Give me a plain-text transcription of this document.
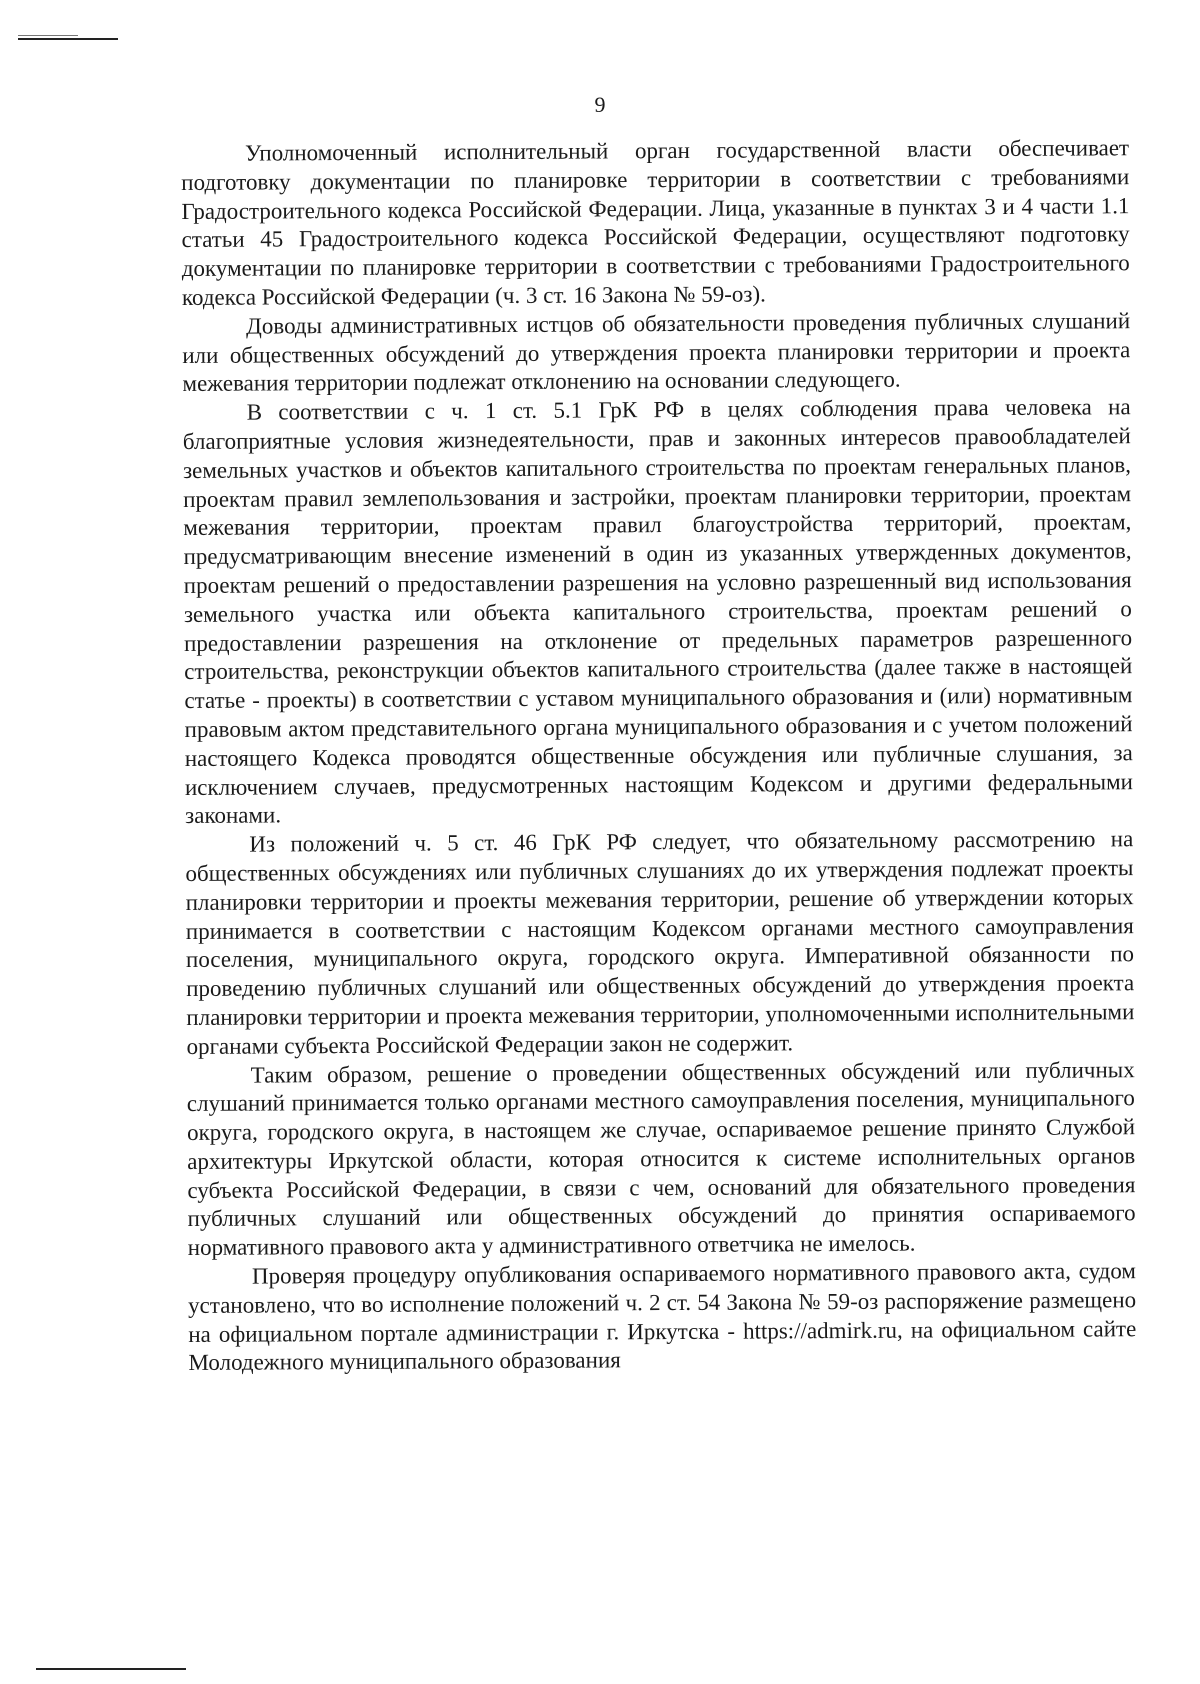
9

Уполномоченный исполнительный орган государственной власти обеспечивает подготовку документации по планировке территории в соответствии с требованиями Градостроительного кодекса Российской Федерации. Лица, указанные в пунктах 3 и 4 части 1.1 статьи 45 Градостроительного кодекса Российской Федерации, осуществляют подготовку документации по планировке территории в соответствии с требованиями Градостроительного кодекса Российской Федерации (ч. 3 ст. 16 Закона № 59-оз).

Доводы административных истцов об обязательности проведения публичных слушаний или общественных обсуждений до утверждения проекта планировки территории и проекта межевания территории подлежат отклонению на основании следующего.

В соответствии с ч. 1 ст. 5.1 ГрК РФ в целях соблюдения права человека на благоприятные условия жизнедеятельности, прав и законных интересов правообладателей земельных участков и объектов капитального строительства по проектам генеральных планов, проектам правил землепользования и застройки, проектам планировки территории, проектам межевания территории, проектам правил благоустройства территорий, проектам, предусматривающим внесение изменений в один из указанных утвержденных документов, проектам решений о предоставлении разрешения на условно разрешенный вид использования земельного участка или объекта капитального строительства, проектам решений о предоставлении разрешения на отклонение от предельных параметров разрешенного строительства, реконструкции объектов капитального строительства (далее также в настоящей статье - проекты) в соответствии с уставом муниципального образования и (или) нормативным правовым актом представительного органа муниципального образования и с учетом положений настоящего Кодекса проводятся общественные обсуждения или публичные слушания, за исключением случаев, предусмотренных настоящим Кодексом и другими федеральными законами.

Из положений ч. 5 ст. 46 ГрК РФ следует, что обязательному рассмотрению на общественных обсуждениях или публичных слушаниях до их утверждения подлежат проекты планировки территории и проекты межевания территории, решение об утверждении которых принимается в соответствии с настоящим Кодексом органами местного самоуправления поселения, муниципального округа, городского округа. Императивной обязанности по проведению публичных слушаний или общественных обсуждений до утверждения проекта планировки территории и проекта межевания территории, уполномоченными исполнительными органами субъекта Российской Федерации закон не содержит.

Таким образом, решение о проведении общественных обсуждений или публичных слушаний принимается только органами местного самоуправления поселения, муниципального округа, городского округа, в настоящем же случае, оспариваемое решение принято Службой архитектуры Иркутской области, которая относится к системе исполнительных органов субъекта Российской Федерации, в связи с чем, оснований для обязательного проведения публичных слушаний или общественных обсуждений до принятия оспариваемого нормативного правового акта у административного ответчика не имелось.

Проверяя процедуру опубликования оспариваемого нормативного правового акта, судом установлено, что во исполнение положений ч. 2 ст. 54 Закона № 59-оз распоряжение размещено на официальном портале администрации г. Иркутска - https://admirk.ru, на официальном сайте Молодежного муниципального образования
